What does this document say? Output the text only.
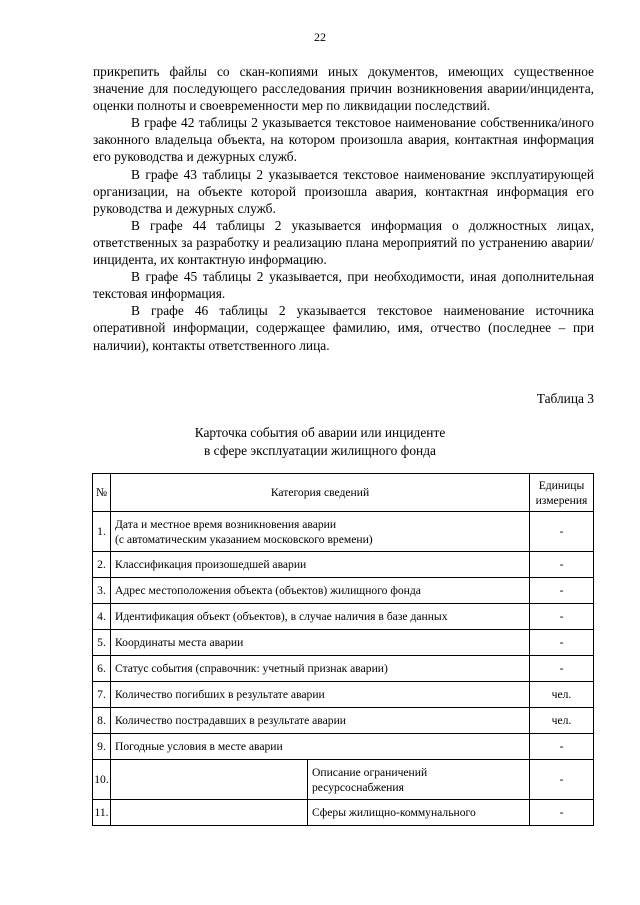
22

прикрепить файлы со скан-копиями иных документов, имеющих существенное значение для последующего расследования причин возникновения аварии/инцидента, оценки полноты и своевременности мер по ликвидации последствий.

В графе 42 таблицы 2 указывается текстовое наименование собственника/иного законного владельца объекта, на котором произошла авария, контактная информация его руководства и дежурных служб.

В графе 43 таблицы 2 указывается текстовое наименование эксплуатирующей организации, на объекте которой произошла авария, контактная информация его руководства и дежурных служб.

В графе 44 таблицы 2 указывается информация о должностных лицах, ответственных за разработку и реализацию плана мероприятий по устранению аварии/инцидента, их контактную информацию.

В графе 45 таблицы 2 указывается, при необходимости, иная дополнительная текстовая информация.

В графе 46 таблицы 2 указывается текстовое наименование источника оперативной информации, содержащее фамилию, имя, отчество (последнее – при наличии), контакты ответственного лица.

Таблица 3
Карточка события об аварии или инциденте
в сфере эксплуатации жилищного фонда
№	Категория сведений		Единицы
измерения

1.	Дата и местное время возникновения аварии
(с автоматическим указанием московского времени)		-
2.	Классификация произошедшей аварии		-
3.	Адрес местоположения объекта (объектов) жилищного фонда		-
4.	Идентификация объект (объектов), в случае наличия в базе данных		-
5.	Координаты места аварии		-
6.	Статус события (справочник: учетный признак аварии)		-
7.	Количество погибших в результате аварии		чел.
8.	Количество пострадавших в результате аварии		чел.
9.	Погодные условия в месте аварии		-
10.		Описание ограничений
ресурсоснабжения	-
11.		Сферы жилищно-коммунального	-
